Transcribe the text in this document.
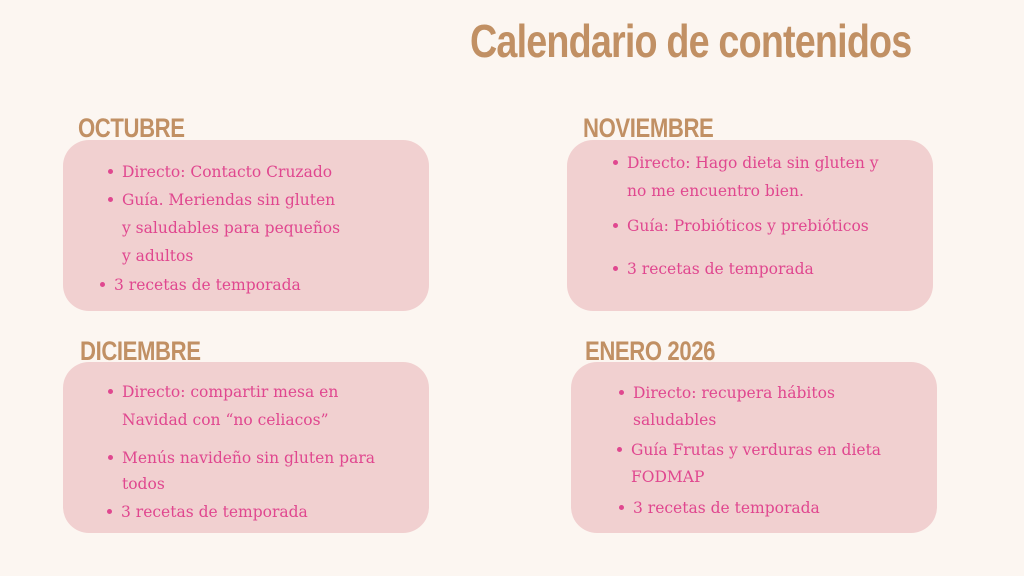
Calendario de contenidos
OCTUBRE
Directo: Contacto Cruzado
Guía. Meriendas sin gluten
y saludables para pequeños
y adultos
3 recetas de temporada
NOVIEMBRE
Directo: Hago dieta sin gluten y
no me encuentro bien.
Guía: Probióticos y prebióticos
3 recetas de temporada
DICIEMBRE
Directo: compartir mesa en
Navidad con “no celiacos”
Menús navideño sin gluten para
todos
3 recetas de temporada
ENERO 2026
Directo: recupera hábitos
saludables
Guía Frutas y verduras en dieta
FODMAP
3 recetas de temporada
